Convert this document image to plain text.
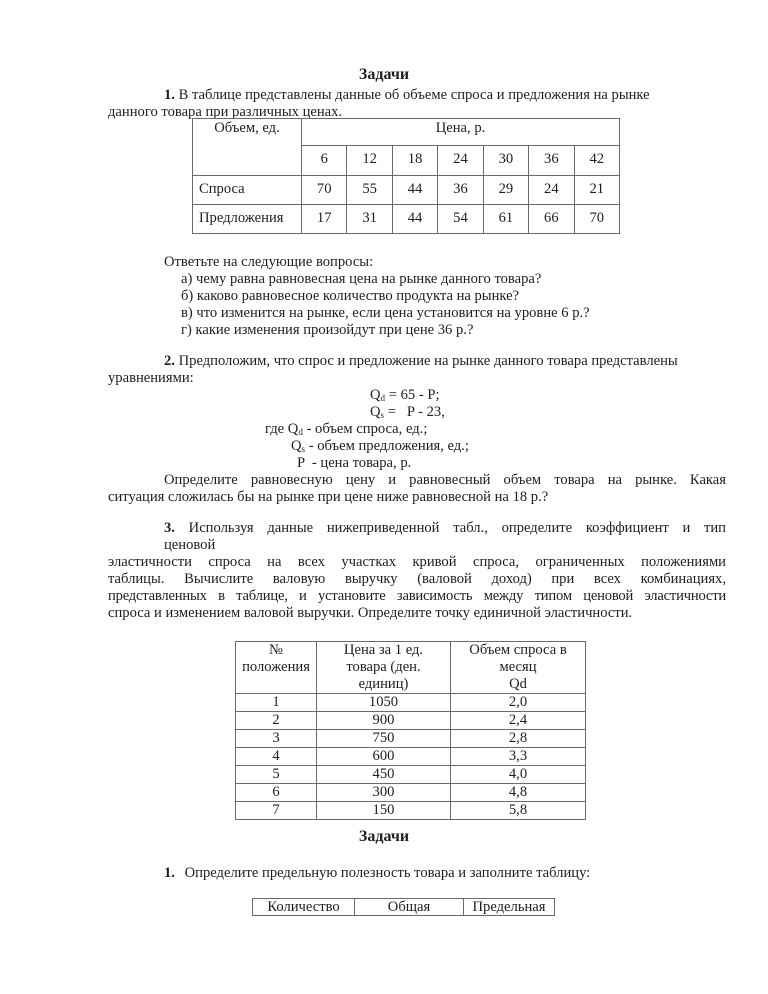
Задачи
1. В таблице представлены данные об объеме спроса и предложения на рынке
данного товара при различных ценах.
Объем, ед.	Цена, р.						
	6	12	18	24	30	36	42
Спроса	70	55	44	36	29	24	21
Предложения	17	31	44	54	61	66	70
Ответьте на следующие вопросы:
а) чему равна равновесная цена на рынке данного товара?
б) каково равновесное количество продукта на рынке?
в) что изменится на рынке, если цена установится на уровне 6 р.?
г) какие изменения произойдут при цене 36 р.?
2. Предположим, что спрос и предложение на рынке данного товара представлены
уравнениями:
$Q_d = 65 - P$;
$Q_s = P - 23$,
где $Q_d$ - объем спроса, ед.;
$Q_s$ - объем предложения, ед.;
P  - цена товара, р.
Определите равновесную цену и равновесный объем товара на рынке. Какая
ситуация сложилась бы на рынке при цене ниже равновесной на 18 р.?
3. Используя данные нижеприведенной табл., определите коэффициент и тип
ценовой
эластичности спроса на всех участках кривой спроса, ограниченных положениями
таблицы. Вычислите валовую выручку (валовой доход) при всех комбинациях,
представленных в таблице, и установите зависимость между типом ценовой эластичности
спроса и изменением валовой выручки. Определите точку единичной эластичности.
№
положения

Цена за 1 ед.
товара (ден.
единиц)

Объем спроса в
месяц
Qd

1	1050	2,0
2	900	2,4
3	750	2,8
4	600	3,3
5	450	4,0
6	300	4,8
7	150	5,8
Задачи
1. Определите предельную полезность товара и заполните таблицу:
Количество	Общая	Предельная
